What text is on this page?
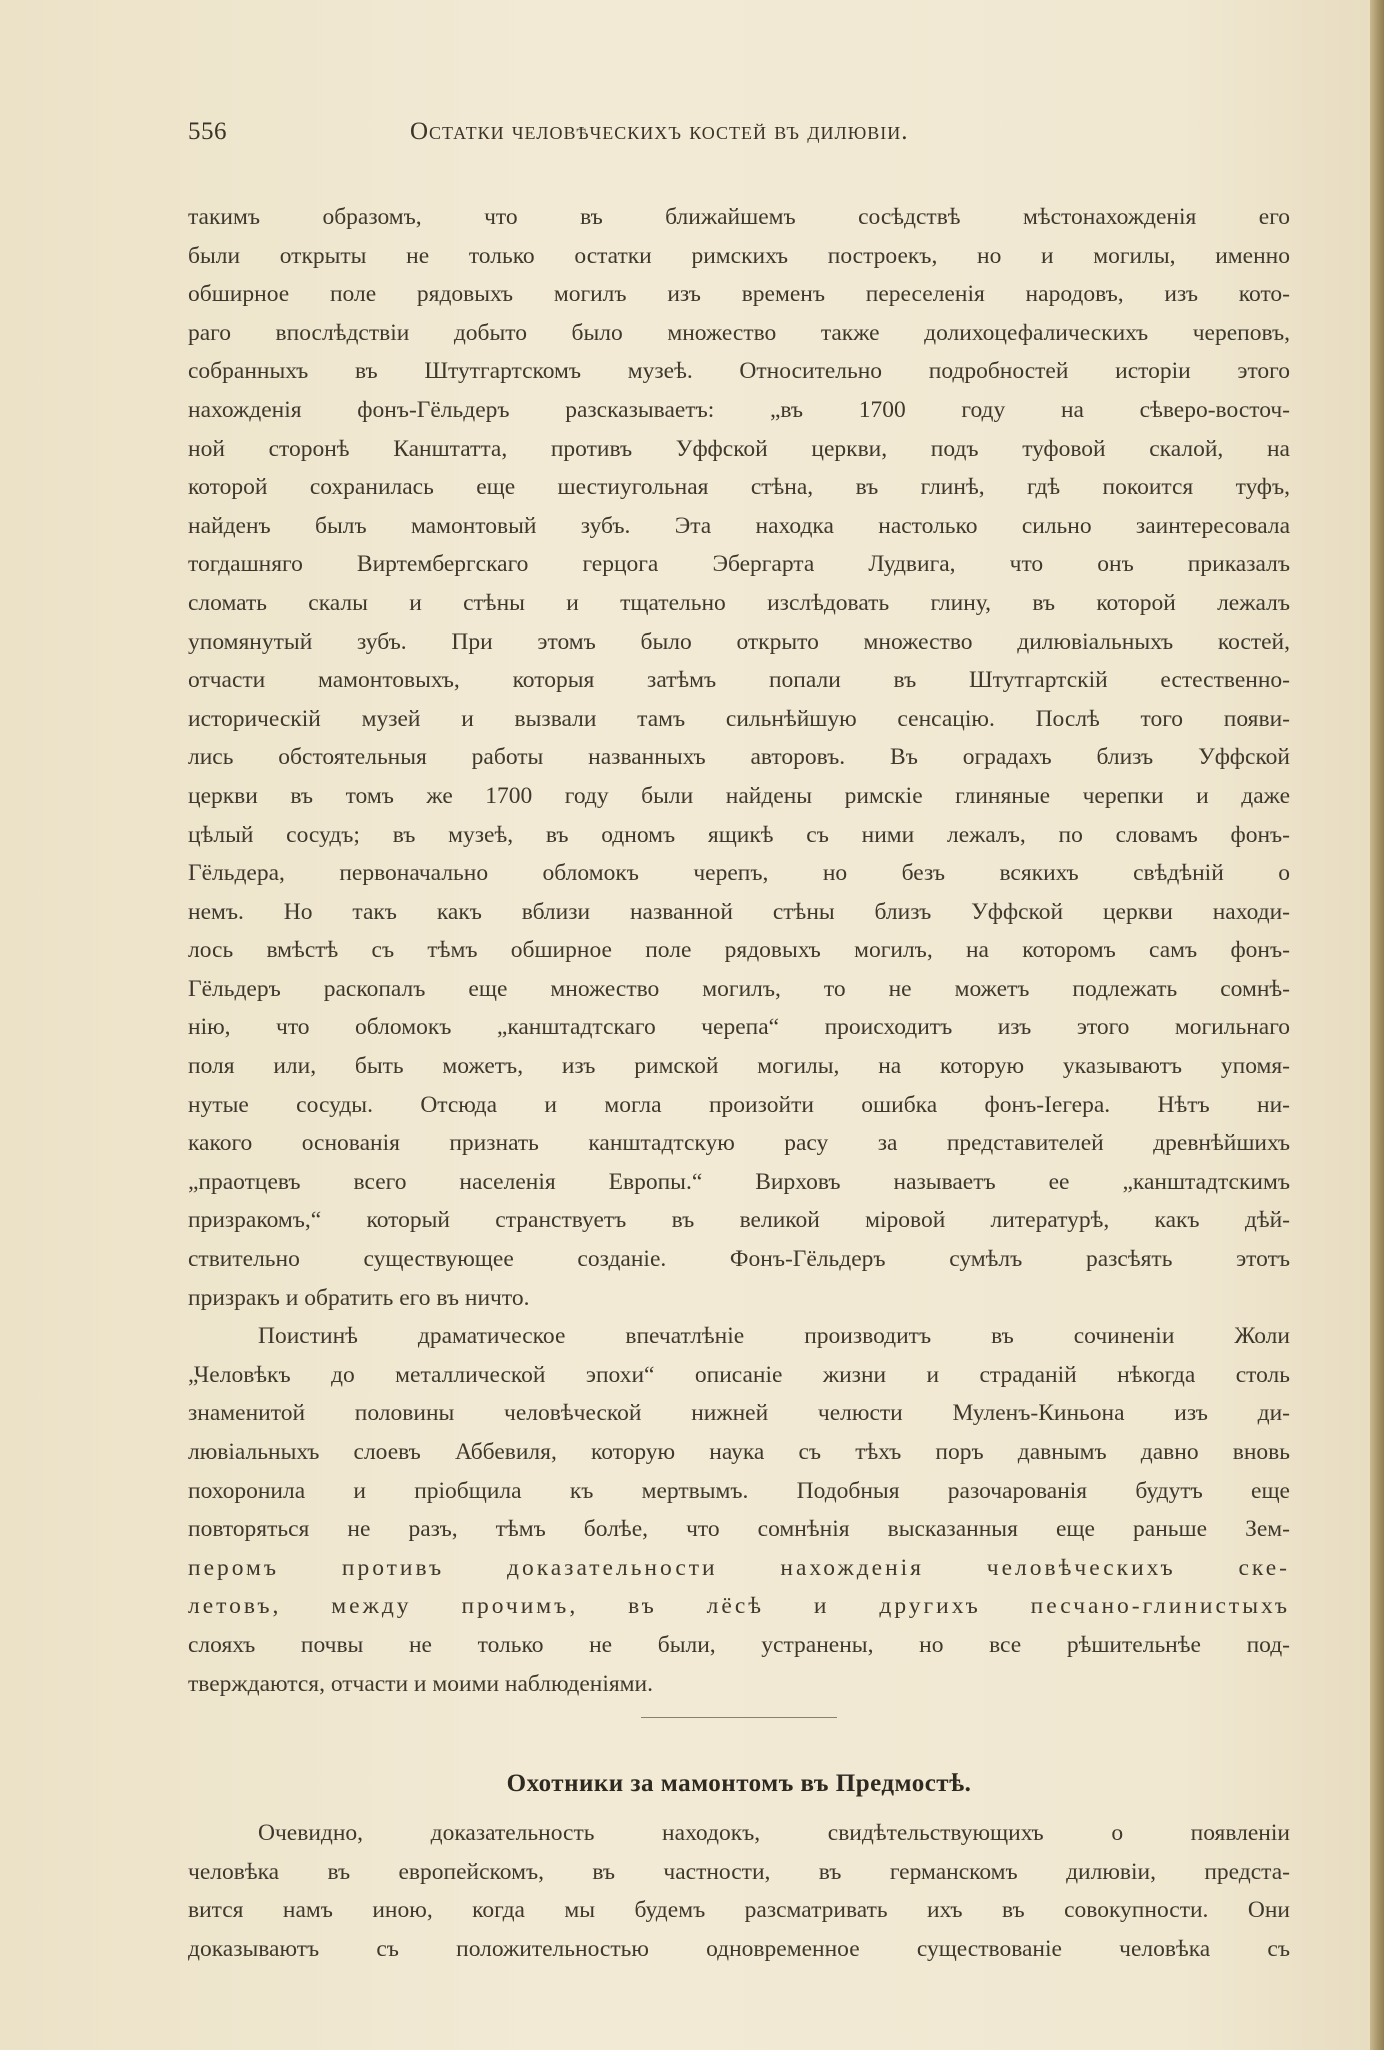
556	Остатки человѣческихъ костей въ дилювіи.
такимъ образомъ, что въ ближайшемъ сосѣдствѣ мѣстонахожденія его
были открыты не только остатки римскихъ построекъ, но и могилы, именно
обширное поле рядовыхъ могилъ изъ временъ переселенія народовъ, изъ кото-
раго впослѣдствіи добыто было множество также долихоцефалическихъ череповъ,
собранныхъ въ Штутгартскомъ музеѣ. Относительно подробностей исторіи этого
нахожденія фонъ-Гёльдеръ разсказываетъ: „въ 1700 году на сѣверо-восточ-
ной сторонѣ Канштатта, противъ Уффской церкви, подъ туфовой скалой, на
которой сохранилась еще шестиугольная стѣна, въ глинѣ, гдѣ покоится туфъ,
найденъ былъ мамонтовый зубъ. Эта находка настолько сильно заинтересовала
тогдашняго Виртембергскаго герцога Эбергарта Лудвига, что онъ приказалъ
сломать скалы и стѣны и тщательно изслѣдовать глину, въ которой лежалъ
упомянутый зубъ. При этомъ было открыто множество дилювіальныхъ костей,
отчасти мамонтовыхъ, которыя затѣмъ попали въ Штутгартскій естественно-
историческій музей и вызвали тамъ сильнѣйшую сенсацію. Послѣ того появи-
лись обстоятельныя работы названныхъ авторовъ. Въ оградахъ близъ Уффской
церкви въ томъ же 1700 году были найдены римскіе глиняные черепки и даже
цѣлый сосудъ; въ музеѣ, въ одномъ ящикѣ съ ними лежалъ, по словамъ фонъ-
Гёльдера, первоначально обломокъ черепъ, но безъ всякихъ свѣдѣній о
немъ. Но такъ какъ вблизи названной стѣны близъ Уффской церкви находи-
лось вмѣстѣ съ тѣмъ обширное поле рядовыхъ могилъ, на которомъ самъ фонъ-
Гёльдеръ раскопалъ еще множество могилъ, то не можетъ подлежать сомнѣ-
нію, что обломокъ „канштадтскаго черепа“ происходитъ изъ этого могильнаго
поля или, быть можетъ, изъ римской могилы, на которую указываютъ упомя-
нутые сосуды. Отсюда и могла произойти ошибка фонъ-Iегера. Нѣтъ ни-
какого основанія признать канштадтскую расу за представителей древнѣйшихъ
„праотцевъ всего населенія Европы.“ Вирховъ называетъ ее „канштадтскимъ
призракомъ,“ который странствуетъ въ великой міровой литературѣ, какъ дѣй-
ствительно существующее созданіе. Фонъ-Гёльдеръ сумѣлъ разсѣять этотъ
призракъ и обратить его въ ничто.
Поистинѣ драматическое впечатлѣніе производитъ въ сочиненіи Жоли
„Человѣкъ до металлической эпохи“ описаніе жизни и страданій нѣкогда столь
знаменитой половины человѣческой нижней челюсти Муленъ-Киньона изъ ди-
лювіальныхъ слоевъ Аббевиля, которую наука съ тѣхъ поръ давнымъ давно вновь
похоронила и пріобщила къ мертвымъ. Подобныя разочарованія будутъ еще
повторяться не разъ, тѣмъ болѣе, что сомнѣнія высказанныя еще раньше Зем-
перомъ противъ доказательности нахожденія человѣческихъ ске-
летовъ, между прочимъ, въ лёсѣ и другихъ песчано-глинистыхъ
слояхъ почвы не только не были, устранены, но все рѣшительнѣе под-
тверждаются, отчасти и моими наблюденіями.
Охотники за мамонтомъ въ Предмостѣ.
Очевидно, доказательность находокъ, свидѣтельствующихъ о появленіи
человѣка въ европейскомъ, въ частности, въ германскомъ дилювіи, предста-
вится намъ иною, когда мы будемъ разсматривать ихъ въ совокупности. Они
доказываютъ съ положительностью одновременное существованіе человѣка съ
